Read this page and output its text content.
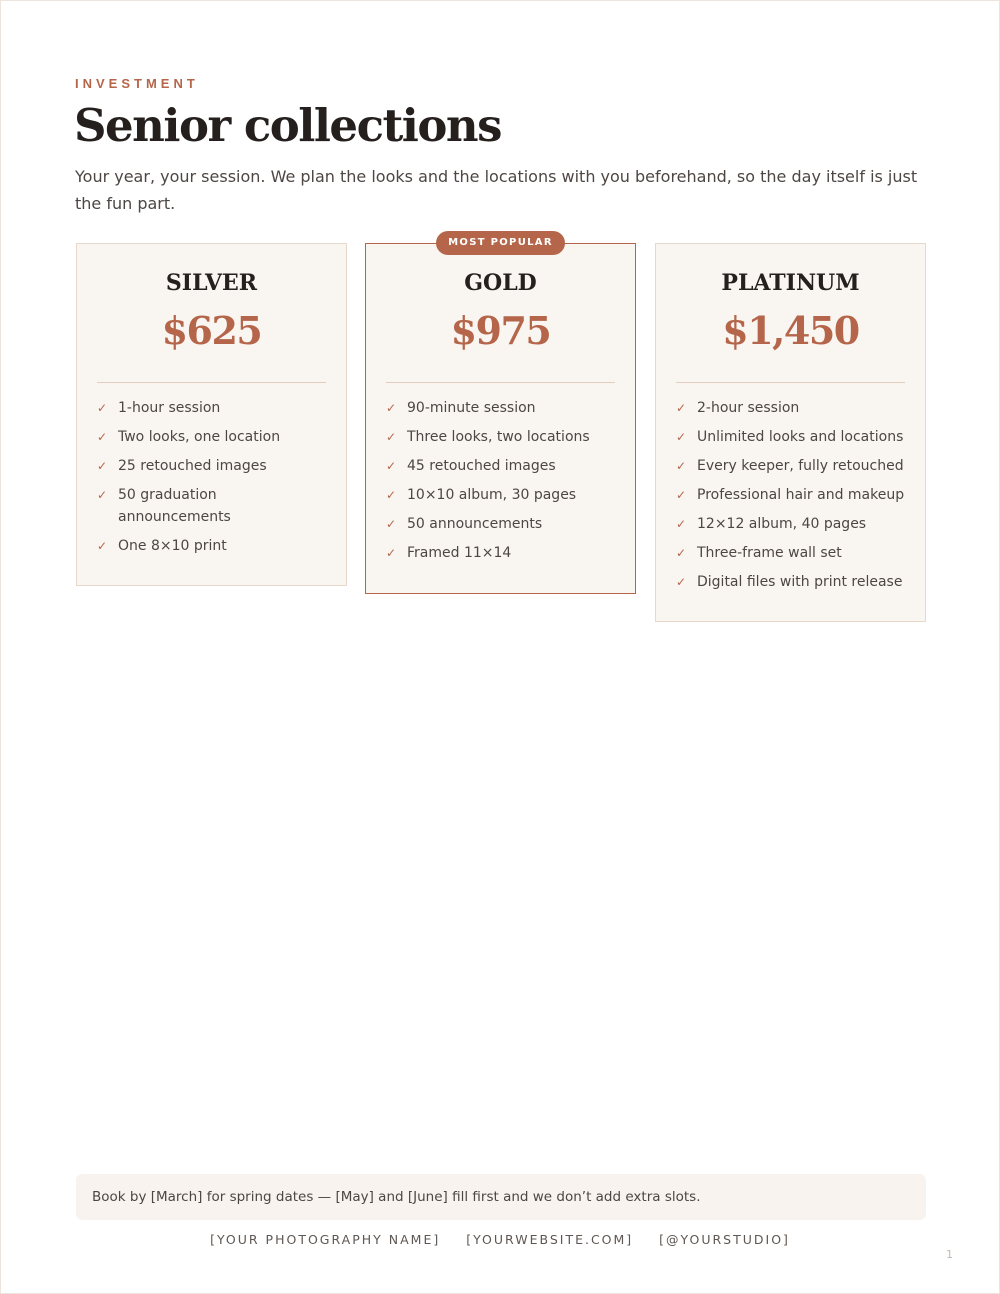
INVESTMENT
Senior collections

Your year, your session. We plan the looks and the locations with you beforehand, so the day itself is just the fun part.

MOST POPULAR
SILVER
$625
✓ 1-hour session
✓ Two looks, one location
✓ 25 retouched images
✓ 50 graduation announcements
✓ One 8×10 print
GOLD
$975
✓ 90-minute session
✓ Three looks, two locations
✓ 45 retouched images
✓ 10×10 album, 30 pages
✓ 50 announcements
✓ Framed 11×14
PLATINUM
$1,450
✓ 2-hour session
✓ Unlimited looks and locations
✓ Every keeper, fully retouched
✓ Professional hair and makeup
✓ 12×12 album, 40 pages
✓ Three-frame wall set
✓ Digital files with print release
Book by [March] for spring dates — [May] and [June] fill first and we don’t add extra slots.
[YOUR PHOTOGRAPHY NAME] [YOURWEBSITE.COM] [@YOURSTUDIO]
1
